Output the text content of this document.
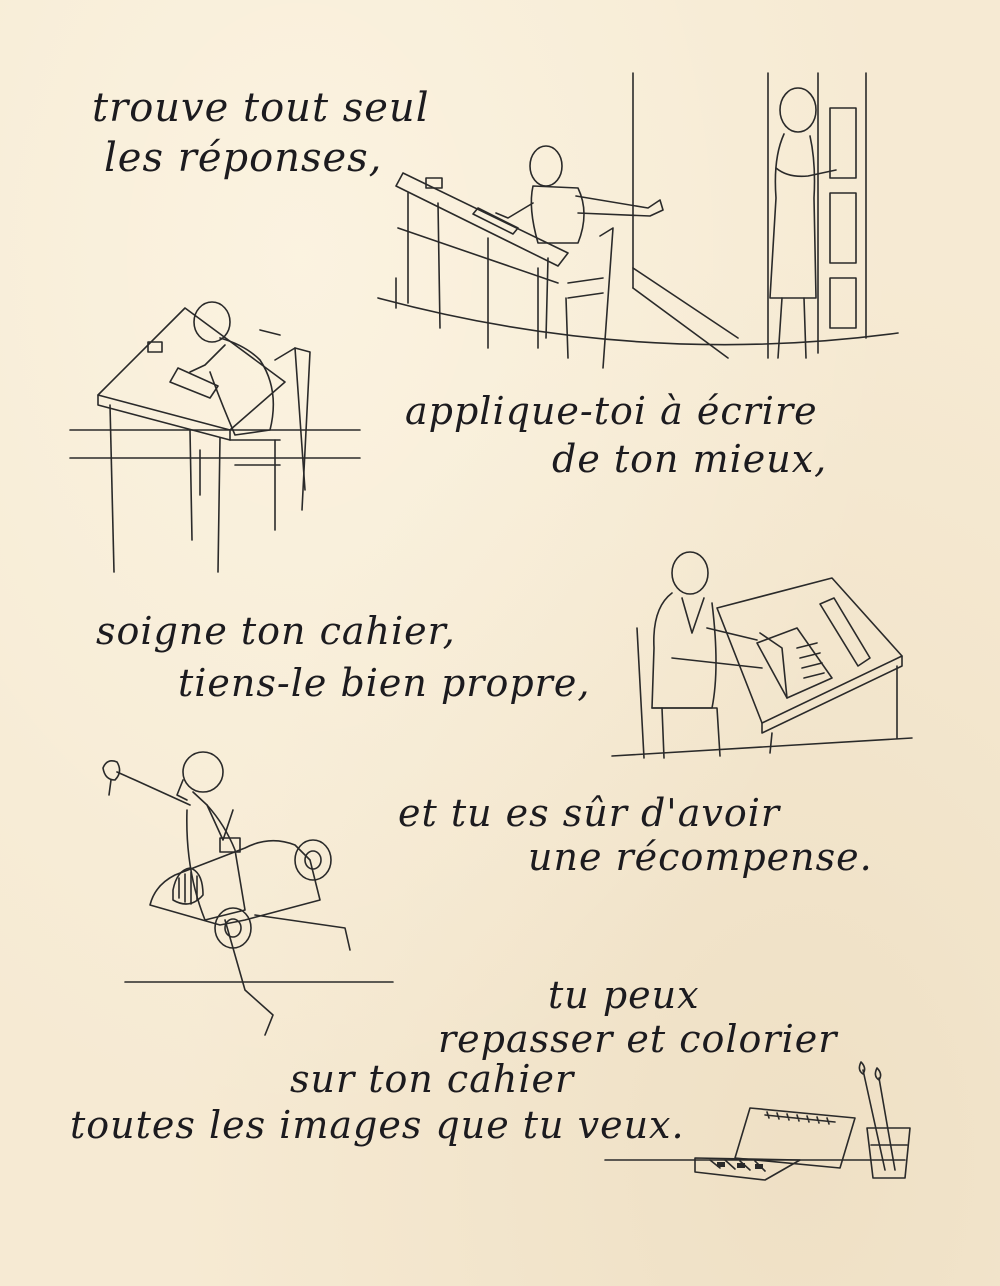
trouve tout seul
les réponses,
applique-toi à écrire
de ton mieux,
soigne ton cahier,
tiens-le bien propre,
et tu es sûr d'avoir
une récompense.
tu peux
repasser et colorier
sur ton cahier
toutes les images que tu veux.
